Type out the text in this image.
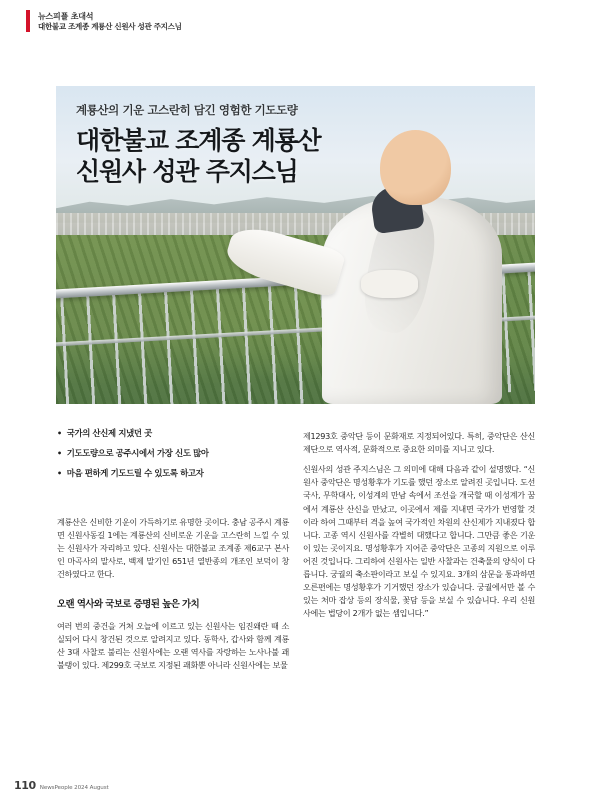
뉴스피플 초대석
대한불교 조계종 계룡산 신원사 성관 주지스님
계룡산의 기운 고스란히 담긴 영험한 기도도량
대한불교 조계종 계룡산
신원사 성관 주지스님
• 국가의 산신제 지냈던 곳
• 기도도량으로 공주시에서 가장 신도 많아
• 마음 편하게 기도드릴 수 있도록 하고자

계룡산은 신비한 기운이 가득하기로 유명한 곳이다. 충남 공주시 계룡면 신원사동길 1에는 계룡산의 신비로운 기운을 고스란히 느낄 수 있는 신원사가 자리하고 있다. 신원사는 대한불교 조계종 제6교구 본사인 마곡사의 말사로, 백제 말기인 651년 열반종의 개조인 보덕이 창건하였다고 한다.

오랜 역사와 국보로 증명된 높은 가치

여러 번의 중건을 거쳐 오늘에 이르고 있는 신원사는 임진왜란 때 소실되어 다시 창건된 것으로 알려지고 있다. 동학사, 갑사와 함께 계룡산 3대 사찰로 불리는 신원사에는 오랜 역사를 자랑하는 노사나불 괘불탱이 있다. 제299호 국보로 지정된 괘화뿐 아니라 신원사에는 보물

제1293호 중악단 등이 문화재로 지정되어있다. 특히, 중악단은 산신제단으로 역사적, 문화적으로 중요한 의미를 지니고 있다.

신원사의 성관 주지스님은 그 의미에 대해 다음과 같이 설명했다. “신원사 중악단은 명성황후가 기도를 했던 장소로 알려진 곳입니다. 도선국사, 무학대사, 이성계의 만남 속에서 조선을 개국할 때 이성계가 꿈에서 계룡산 산신을 만났고, 이곳에서 제를 지내면 국가가 번영할 것이라 하여 그때부터 격을 높여 국가적인 차원의 산신제가 지내졌다 합니다. 고종 역시 신원사를 각별히 대했다고 합니다. 그만큼 좋은 기운이 있는 곳이지요. 명성황후가 지어준 중악단은 고종의 지원으로 이루어진 것입니다. 그리하여 신원사는 일반 사찰과는 건축물의 양식이 다릅니다. 궁궐의 축소판이라고 보실 수 있지요. 3개의 삼문을 통과하면 오른편에는 명성황후가 기거했던 장소가 있습니다. 궁궐에서만 볼 수 있는 처마 잡상 등의 장식물, 꽃담 등을 보실 수 있습니다. 우리 신원사에는 법당이 2개가 없는 셈입니다.”

110 NewsPeople 2024 August
